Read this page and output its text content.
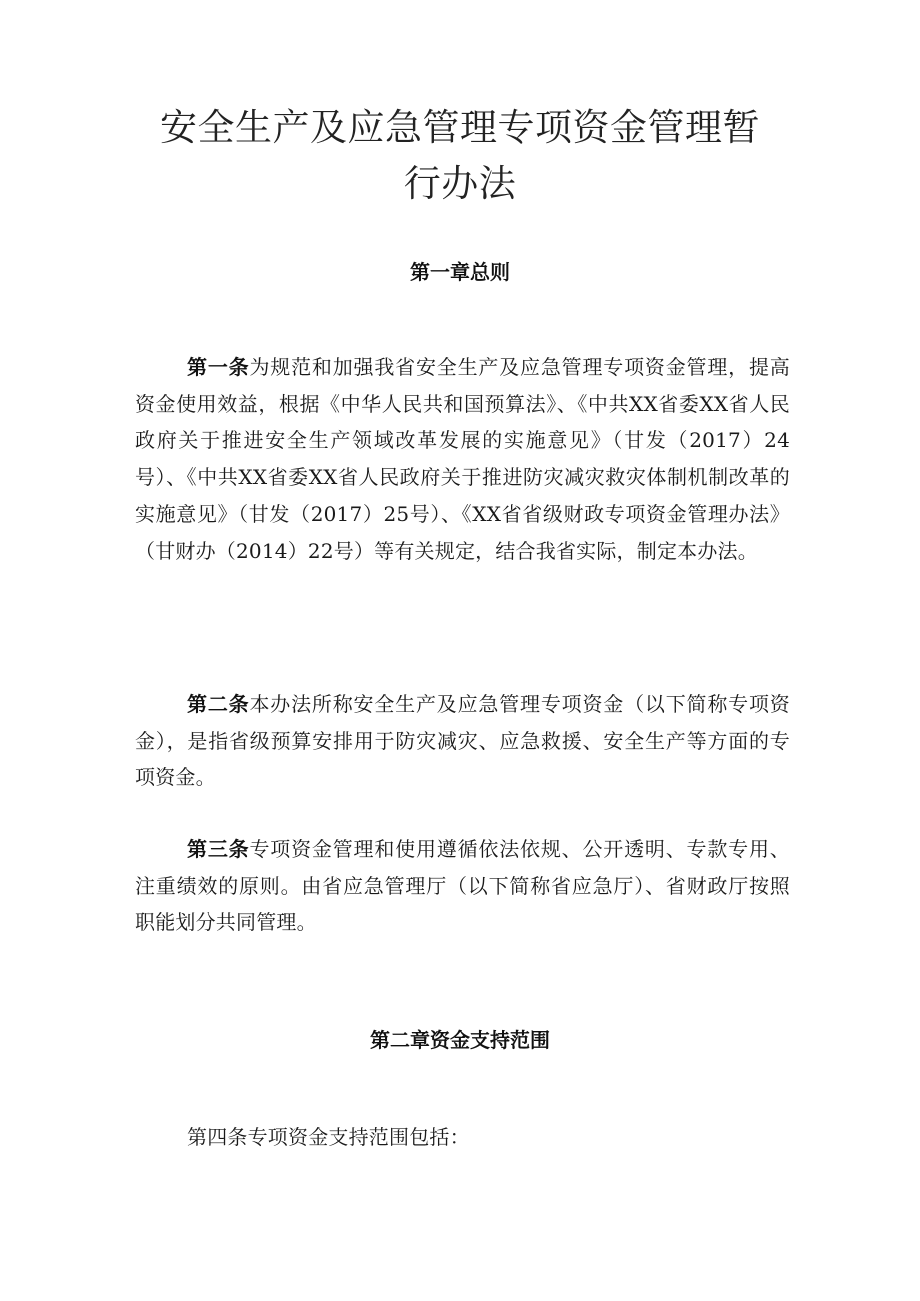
安全生产及应急管理专项资金管理暂行办法
第一章总则

第一条为规范和加强我省安全生产及应急管理专项资金管理，提高资金使用效益，根据《中华人民共和国预算法》、《中共XX省委XX省人民政府关于推进安全生产领域改革发展的实施意见》（甘发（2017）24号）、《中共XX省委XX省人民政府关于推进防灾减灾救灾体制机制改革的实施意见》（甘发（2017）25号）、《XX省省级财政专项资金管理办法》（甘财办（2014）22号）等有关规定，结合我省实际，制定本办法。

第二条本办法所称安全生产及应急管理专项资金（以下简称专项资金），是指省级预算安排用于防灾减灾、应急救援、安全生产等方面的专项资金。

第三条专项资金管理和使用遵循依法依规、公开透明、专款专用、注重绩效的原则。由省应急管理厅（以下简称省应急厅）、省财政厅按照职能划分共同管理。

第二章资金支持范围

第四条专项资金支持范围包括：
